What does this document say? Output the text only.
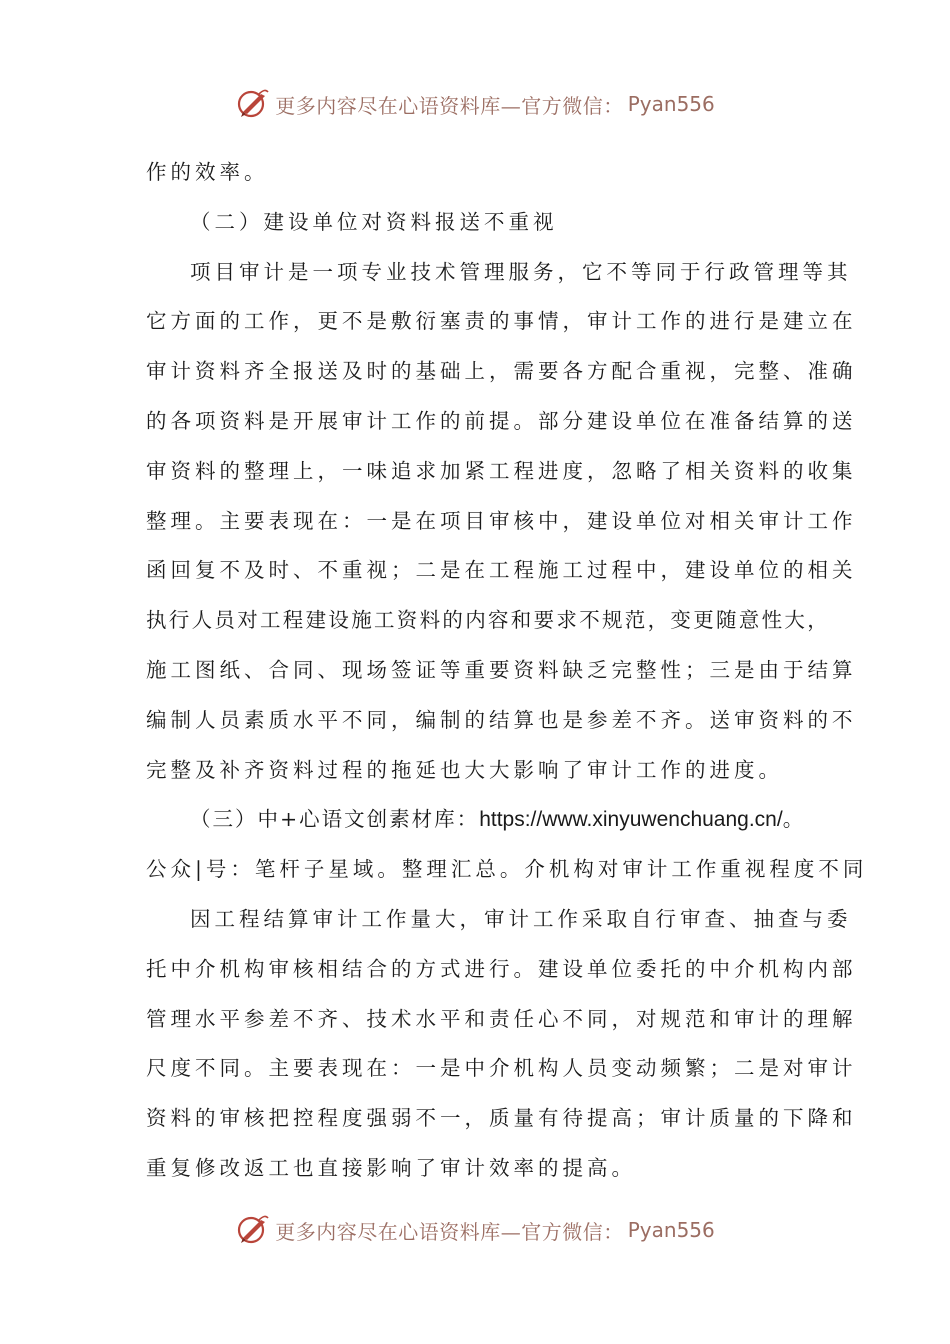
更多内容尽在心语资料库—官方微信： Pyan556
作的效率。
（二）建设单位对资料报送不重视
项目审计是一项专业技术管理服务，它不等同于行政管理等其
它方面的工作，更不是敷衍塞责的事情，审计工作的进行是建立在
审计资料齐全报送及时的基础上，需要各方配合重视，完整、准确
的各项资料是开展审计工作的前提。部分建设单位在准备结算的送
审资料的整理上，一味追求加紧工程进度，忽略了相关资料的收集
整理。主要表现在：一是在项目审核中，建设单位对相关审计工作
函回复不及时、不重视；二是在工程施工过程中，建设单位的相关
执行人员对工程建设施工资料的内容和要求不规范，变更随意性大，
施工图纸、合同、现场签证等重要资料缺乏完整性；三是由于结算
编制人员素质水平不同，编制的结算也是参差不齐。送审资料的不
完整及补齐资料过程的拖延也大大影响了审计工作的进度。
（三）中+心语文创素材库：https://www.xinyuwenchuang.cn/。
公众|号：笔杆子星域。整理汇总。介机构对审计工作重视程度不同
因工程结算审计工作量大，审计工作采取自行审查、抽查与委
托中介机构审核相结合的方式进行。建设单位委托的中介机构内部
管理水平参差不齐、技术水平和责任心不同，对规范和审计的理解
尺度不同。主要表现在：一是中介机构人员变动频繁；二是对审计
资料的审核把控程度强弱不一，质量有待提高；审计质量的下降和
重复修改返工也直接影响了审计效率的提高。
更多内容尽在心语资料库—官方微信： Pyan556
